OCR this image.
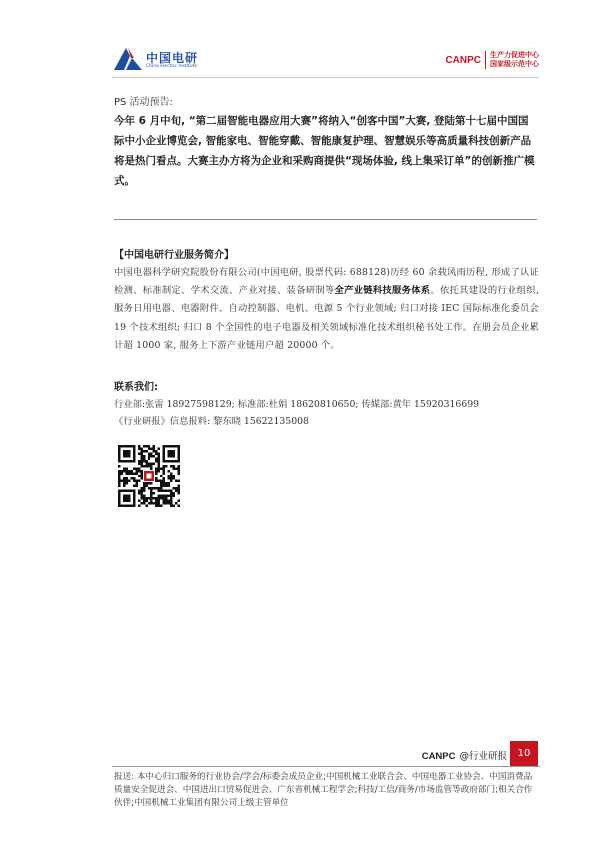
中国电研
China Electric Institute
CANPC 生产力促进中心
国家级示范中心
PS 活动预告:
今年 6 月中旬, “第二届智能电器应用大赛”将纳入“创客中国”大赛, 登陆第十七届中国国际中小企业博览会, 智能家电、智能穿戴、智能康复护理、智慧娱乐等高质量科技创新产品将是热门看点。大赛主办方将为企业和采购商提供“现场体验, 线上集采订单”的创新推广模式。
【中国电研行业服务简介】
中国电器科学研究院股份有限公司(中国电研, 股票代码: 688128)历经 60 余载风雨历程, 形成了认证检测、标准制定、学术交流、产业对接、装备研制等全产业链科技服务体系。依托其建设的行业组织, 服务日用电器、电器附件、自动控制器、电机、电源 5 个行业领域; 归口对接 IEC 国际标准化委员会 19 个技术组织; 归口 8 个全国性的电子电器及相关领域标准化技术组织秘书处工作。在册会员企业累计超 1000 家, 服务上下游产业链用户超 20000 个。
联系我们:
行业部:张雷 18927598129; 标准部:杜娟 18620810650; 传媒部:黄年 15920316699
《行业研报》信息报料: 黎东晓 15622135008
CANPC @行业研报	10
报送: 本中心归口服务的行业协会/学会/标委会成员企业;中国机械工业联合会、中国电器工业协会、中国消费品质量安全促进会、中国进出口贸易促进会、广东省机械工程学会;科技/工信/商务/市场监管等政府部门;相关合作伙伴;中国机械工业集团有限公司上级主管单位
